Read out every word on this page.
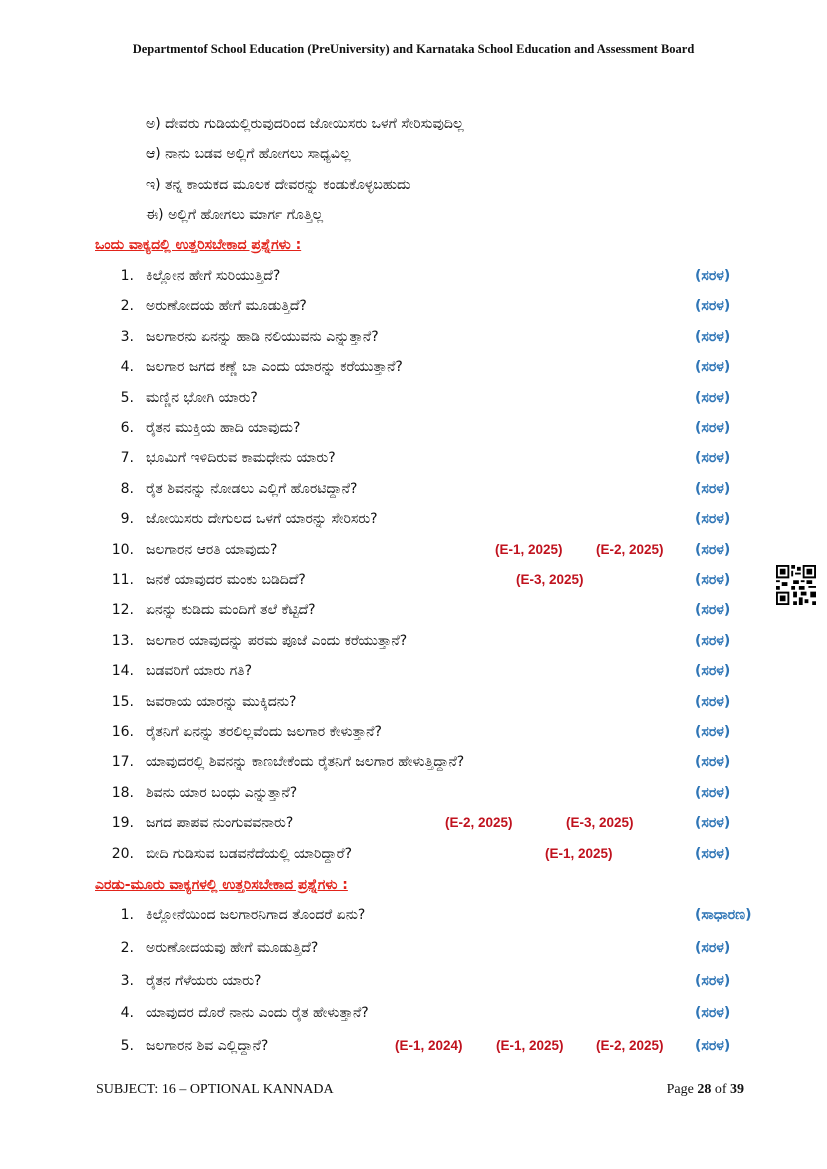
Departmentof School Education (PreUniversity) and Karnataka School Education and Assessment Board
ಅ) ದೇವರು ಗುಡಿಯಲ್ಲಿರುವುದರಿಂದ ಜೋಯಿಸರು ಒಳಗೆ ಸೇರಿಸುವುದಿಲ್ಲ
ಆ) ನಾನು ಬಡವ ಅಲ್ಲಿಗೆ ಹೋಗಲು ಸಾಧ್ಯವಿಲ್ಲ
ಇ) ತನ್ನ ಕಾಯಕದ ಮೂಲಕ ದೇವರನ್ನು ಕಂಡುಕೊಳ್ಳಬಹುದು
ಈ) ಅಲ್ಲಿಗೆ ಹೋಗಲು ಮಾರ್ಗ ಗೊತ್ತಿಲ್ಲ
ಒಂದು ವಾಕ್ಯದಲ್ಲಿ ಉತ್ತರಿಸಬೇಕಾದ ಪ್ರಶ್ನೆಗಳು :
1. ಕಿಲ್ಲೋನ ಹೇಗೆ ಸುರಿಯುತ್ತಿದೆ?	(ಸರಳ)
2. ಅರುಣೋದಯ ಹೇಗೆ ಮೂಡುತ್ತಿದೆ?	(ಸರಳ)
3. ಜಲಗಾರನು ಏನನ್ನು ಹಾಡಿ ನಲಿಯುವನು ಎನ್ನುತ್ತಾನೆ?	(ಸರಳ)
4. ಜಲಗಾರ ಜಗದ ಕಣ್ಣೆ ಬಾ ಎಂದು ಯಾರನ್ನು ಕರೆಯುತ್ತಾನೆ?	(ಸರಳ)
5. ಮಣ್ಣಿನ ಭೋಗಿ ಯಾರು?	(ಸರಳ)
6. ರೈತನ ಮುಕ್ತಿಯ ಹಾದಿ ಯಾವುದು?	(ಸರಳ)
7. ಭೂಮಿಗೆ ಇಳಿದಿರುವ ಕಾಮಧೇನು ಯಾರು?	(ಸರಳ)
8. ರೈತ ಶಿವನನ್ನು ನೋಡಲು ಎಲ್ಲಿಗೆ ಹೊರಟಿದ್ದಾನೆ?	(ಸರಳ)
9. ಜೋಯಿಸರು ದೇಗುಲದ ಒಳಗೆ ಯಾರನ್ನು ಸೇರಿಸರು?	(ಸರಳ)
10. ಜಲಗಾರನ ಆರತಿ ಯಾವುದು?	(E-1, 2025) (E-2, 2025) (ಸರಳ)
11. ಜನಕೆ ಯಾವುದರ ಮಂಕು ಬಡಿದಿದೆ?	(E-3, 2025)	(ಸರಳ)
12. ಏನನ್ನು ಕುಡಿದು ಮಂದಿಗೆ ತಲೆ ಕೆಟ್ಟಿದೆ?	(ಸರಳ)
13. ಜಲಗಾರ ಯಾವುದನ್ನು ಪರಮ ಪೂಜೆ ಎಂದು ಕರೆಯುತ್ತಾನೆ?	(ಸರಳ)
14. ಬಡವರಿಗೆ ಯಾರು ಗತಿ?	(ಸರಳ)
15. ಜವರಾಯ ಯಾರನ್ನು ಮುಕ್ಕಿದನು?	(ಸರಳ)
16. ರೈತನಿಗೆ ಏನನ್ನು ತರಲಿಲ್ಲವೆಂದು ಜಲಗಾರ ಕೇಳುತ್ತಾನೆ?	(ಸರಳ)
17. ಯಾವುದರಲ್ಲಿ ಶಿವನನ್ನು ಕಾಣಬೇಕೆಂದು ರೈತನಿಗೆ ಜಲಗಾರ ಹೇಳುತ್ತಿದ್ದಾನೆ?	(ಸರಳ)
18. ಶಿವನು ಯಾರ ಬಂಧು ಎನ್ನುತ್ತಾನೆ?	(ಸರಳ)
19. ಜಗದ ಪಾಪವ ನುಂಗುವವನಾರು?	(E-2, 2025)	(E-3, 2025)	(ಸರಳ)
20. ಬೀದಿ ಗುಡಿಸುವ ಬಡವನೆದೆಯಲ್ಲಿ ಯಾರಿದ್ದಾರೆ?	(E-1, 2025)	(ಸರಳ)
ಎರಡು-ಮೂರು ವಾಕ್ಯಗಳಲ್ಲಿ ಉತ್ತರಿಸಬೇಕಾದ ಪ್ರಶ್ನೆಗಳು :
1. ಕಿಲ್ಲೋನೆಯಿಂದ ಜಲಗಾರನಿಗಾದ ತೊಂದರೆ ಏನು?	(ಸಾಧಾರಣ)
2. ಅರುಣೋದಯವು ಹೇಗೆ ಮೂಡುತ್ತಿದೆ?	(ಸರಳ)
3. ರೈತನ ಗೆಳೆಯರು ಯಾರು?	(ಸರಳ)
4. ಯಾವುದರ ದೊರೆ ನಾನು ಎಂದು ರೈತ ಹೇಳುತ್ತಾನೆ?	(ಸರಳ)
5. ಜಲಗಾರನ ಶಿವ ಎಲ್ಲಿದ್ದಾನೆ?	(E-1, 2024) (E-1, 2025) (E-2, 2025) (ಸರಳ)
SUBJECT: 16 – OPTIONAL KANNADA	Page 28 of 39
